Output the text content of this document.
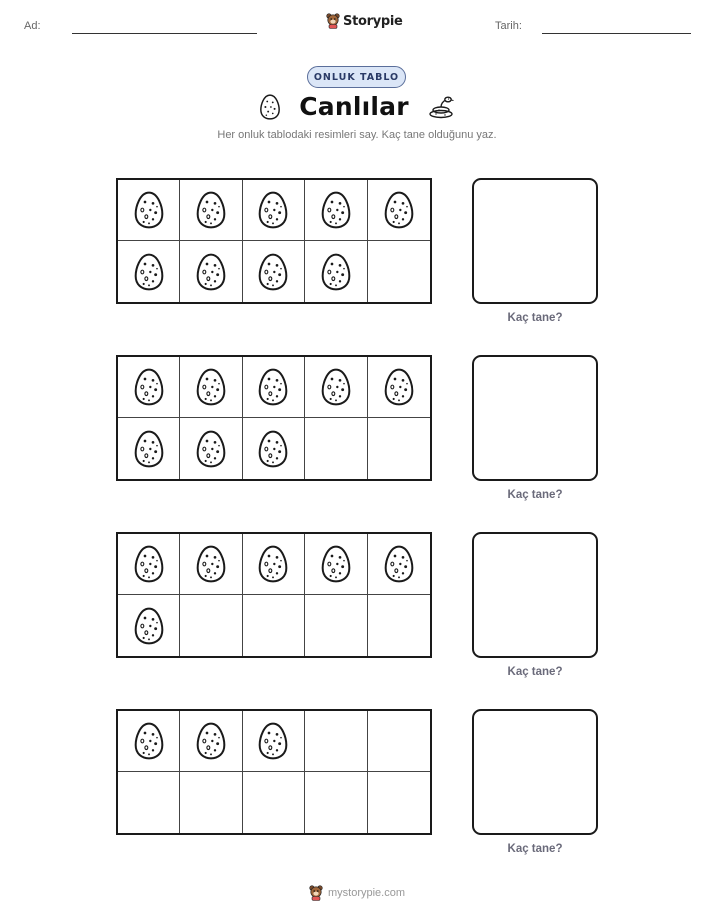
Ad:	Storypie	Tarih:
ONLUK TABLO
Canlılar
Her onluk tablodaki resimleri say. Kaç tane olduğunu yaz.
Kaç tane?
Kaç tane?
Kaç tane?
Kaç tane?
mystorypie.com
